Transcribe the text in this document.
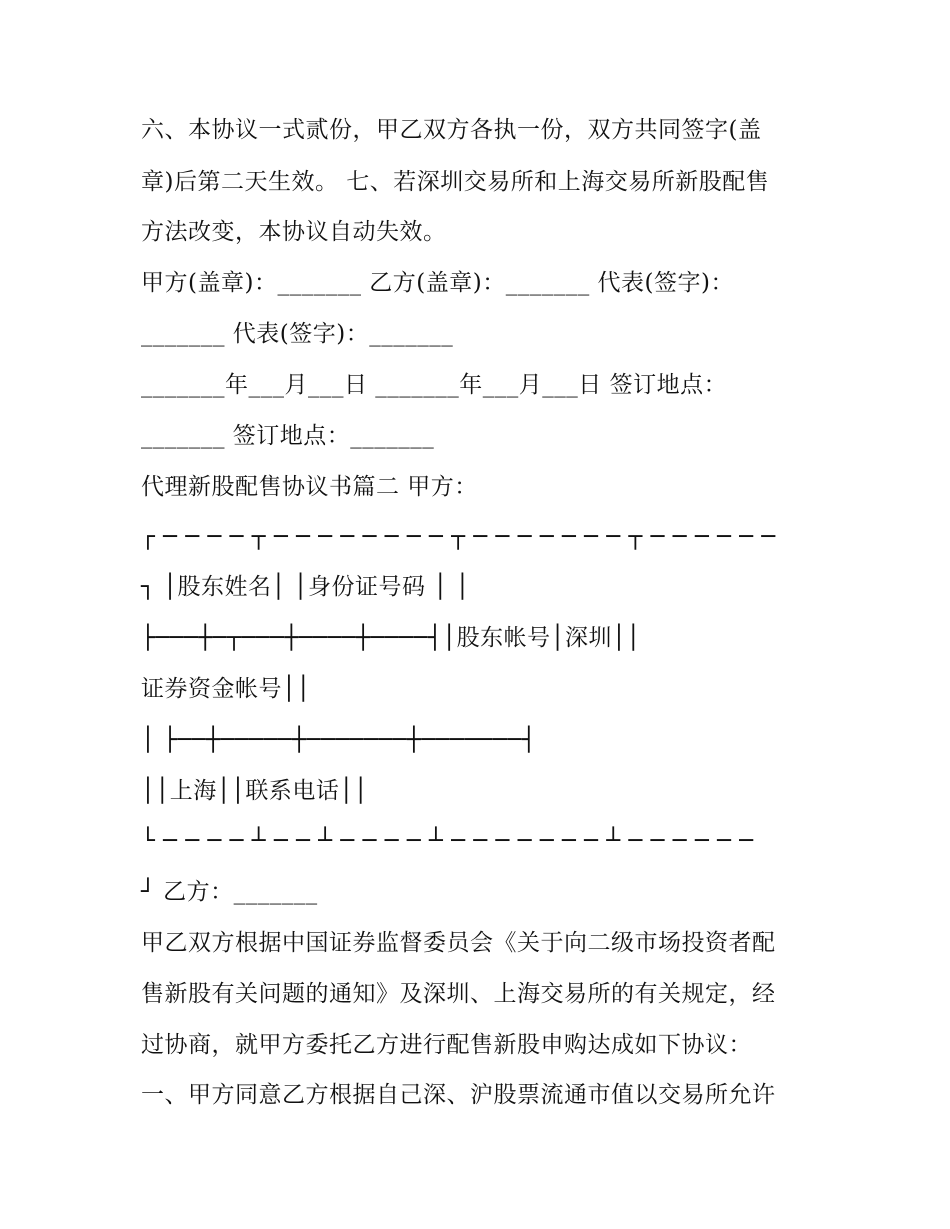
六、本协议一式贰份，甲乙双方各执一份，双方共同签字(盖
章)后第二天生效。 七、若深圳交易所和上海交易所新股配售
方法改变，本协议自动失效。
甲方(盖章)：_______ 乙方(盖章)：_______ 代表(签字)：
_______ 代表(签字)：_______
_______年___月___日 _______年___月___日 签订地点：
_______ 签订地点：_______
代理新股配售协议书篇二 甲方：
┌ ─ ─ ─ ─ ┬ ─ ─ ─ ─ ─ ─ ─ ─ ┬ ─ ─ ─ ─ ─ ─ ─ ┬ ─ ─ ─ ─ ─ ─
┐ │股东姓名│ │身份证号码 │ │
├───┼─┬───┼────┼────┤│股东帐号│深圳││
证券资金帐号││
│ ├──┼─────┼───────┼───────┤
││上海││联系电话││
└ ─ ─ ─ ─ ┴ ─ ─ ┴ ─ ─ ─ ─ ┴ ─ ─ ─ ─ ─ ─ ─ ┴ ─ ─ ─ ─ ─ ─
┘ 乙方：_______
甲乙双方根据中国证券监督委员会《关于向二级市场投资者配
售新股有关问题的通知》及深圳、上海交易所的有关规定，经
过协商，就甲方委托乙方进行配售新股申购达成如下协议：
一、甲方同意乙方根据自己深、沪股票流通市值以交易所允许
